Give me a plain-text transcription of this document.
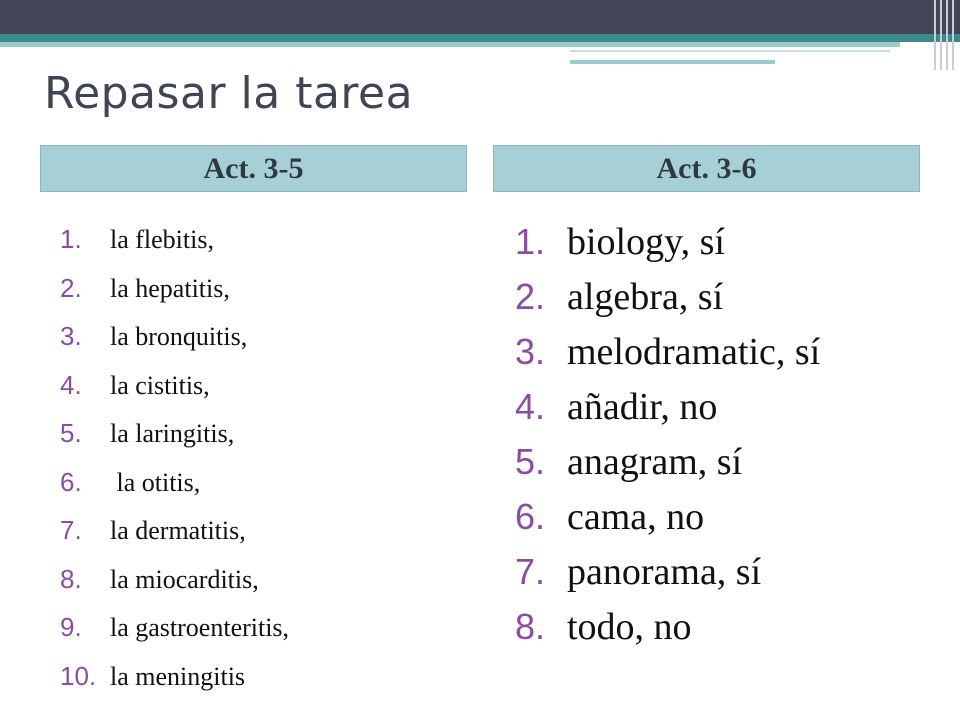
Repasar la tarea
Act. 3-5	Act. 3-6
1.	la flebitis,
2.	la hepatitis,
3.	la bronquitis,
4.	la cistitis,
5.	la laringitis,
6.	la otitis,
7.	la dermatitis,
8.	la miocarditis,
9.	la gastroenteritis,
10. la meningitis
1. biology, sí
2. algebra, sí
3. melodramatic, sí
4. añadir, no
5. anagram, sí
6. cama, no
7. panorama, sí
8. todo, no
